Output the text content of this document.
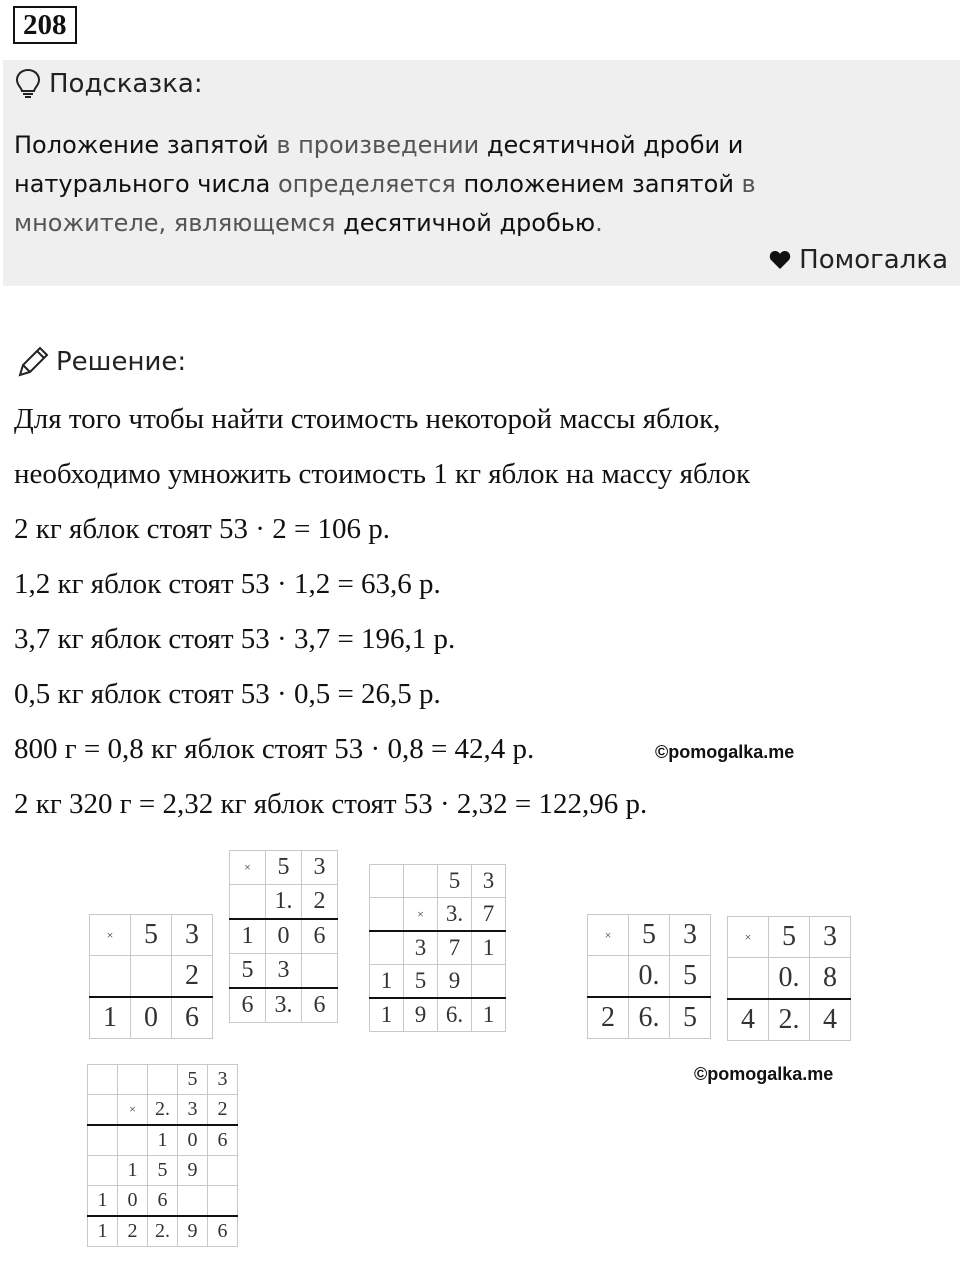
208
Подсказка:
Положение запятой в произведении десятичной дроби и натурального числа определяется положением запятой в множителе, являющемся десятичной дробью.
Помогалка
Решение:
Для того чтобы найти стоимость некоторой массы яблок,
необходимо умножить стоимость 1 кг яблок на массу яблок
2 кг яблок стоят 53 · 2 = 106 р.
1,2 кг яблок стоят 53 · 1,2 = 63,6 р.
3,7 кг яблок стоят 53 · 3,7 = 196,1 р.
0,5 кг яблок стоят 53 · 0,5 = 26,5 р.
800 г = 0,8 кг яблок стоят 53 · 0,8 = 42,4 р.
2 кг 320 г = 2,32 кг яблок стоят 53 · 2,32 = 122,96 р.
©pomogalka.me
©pomogalka.me
×	5	3
		2
1	0	6
×	5	3
	1.	2
1	0	6
5	3	
6	3.	6
		5	3
	×	3.	7
	3	7	1
1	5	9	
1	9	6.	1
×	5	3
	0.	5
2	6.	5
×	5	3
	0.	8
4	2.	4
			5	3
	×	2.	3	2
		1	0	6
	1	5	9	
1	0	6		
1	2	2.	9	6
